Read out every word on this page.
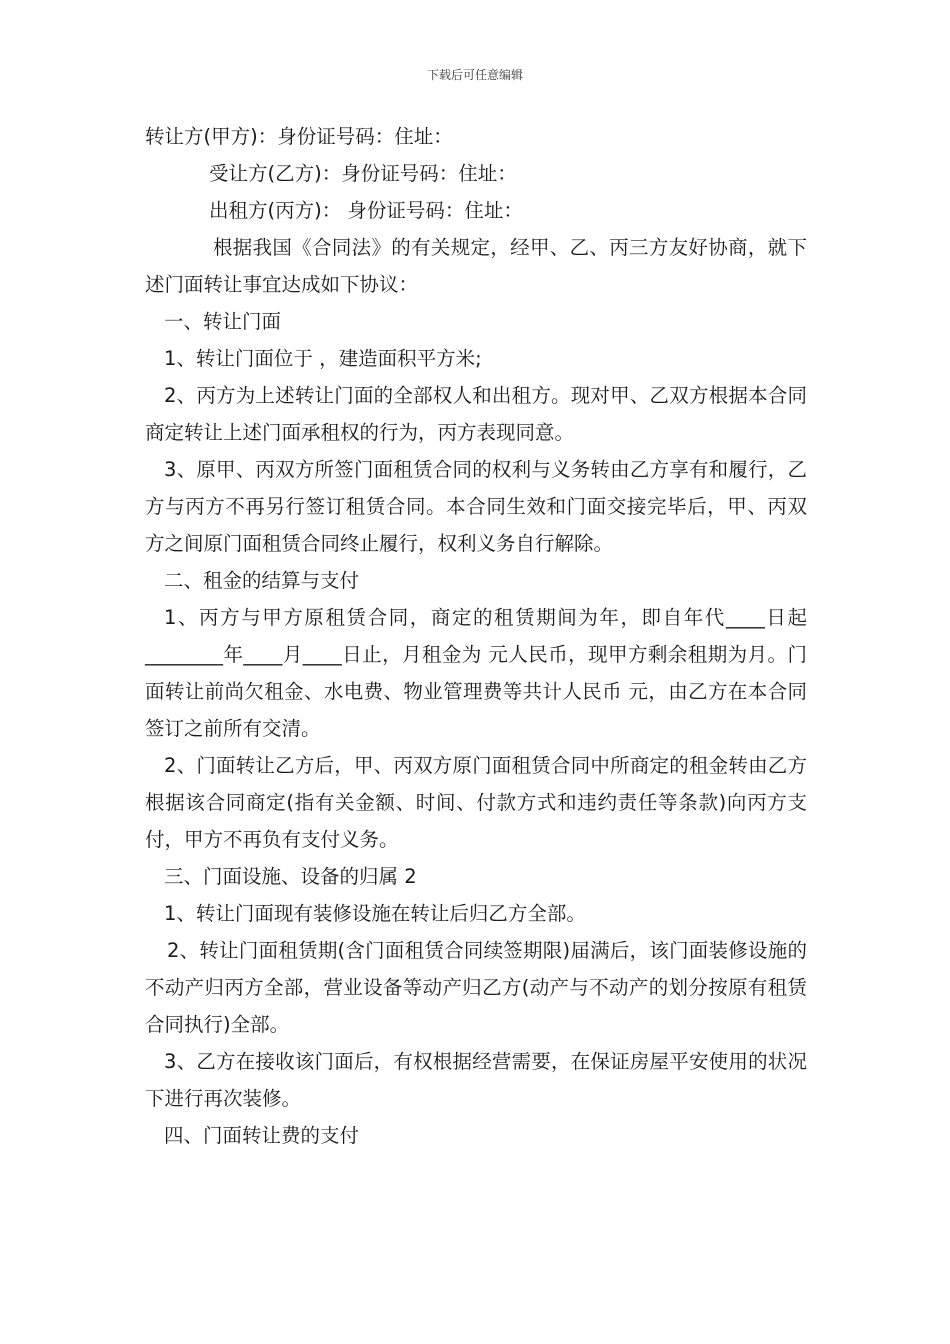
下载后可任意编辑

转让方(甲方)：身份证号码：住址：

受让方(乙方)：身份证号码：住址：

出租方(丙方)： 身份证号码：住址：

根据我国《合同法》的有关规定，经甲、乙、丙三方友好协商，就下述门面转让事宜达成如下协议：

一、转让门面

1、转让门面位于 ，建造面积平方米;

2、丙方为上述转让门面的全部权人和出租方。现对甲、乙双方根据本合同商定转让上述门面承租权的行为，丙方表现同意。

3、原甲、丙双方所签门面租赁合同的权利与义务转由乙方享有和履行，乙方与丙方不再另行签订租赁合同。本合同生效和门面交接完毕后，甲、丙双方之间原门面租赁合同终止履行，权利义务自行解除。

二、租金的结算与支付

1、丙方与甲方原租赁合同，商定的租赁期间为年，即自年代____日起________年____月____日止，月租金为 元人民币，现甲方剩余租期为月。门面转让前尚欠租金、水电费、物业管理费等共计人民币 元，由乙方在本合同签订之前所有交清。

2、门面转让乙方后，甲、丙双方原门面租赁合同中所商定的租金转由乙方根据该合同商定(指有关金额、时间、付款方式和违约责任等条款)向丙方支付，甲方不再负有支付义务。

三、门面设施、设备的归属 2

1、转让门面现有装修设施在转让后归乙方全部。

2、转让门面租赁期(含门面租赁合同续签期限)届满后，该门面装修设施的不动产归丙方全部，营业设备等动产归乙方(动产与不动产的划分按原有租赁合同执行)全部。

3、乙方在接收该门面后，有权根据经营需要，在保证房屋平安使用的状况下进行再次装修。

四、门面转让费的支付
